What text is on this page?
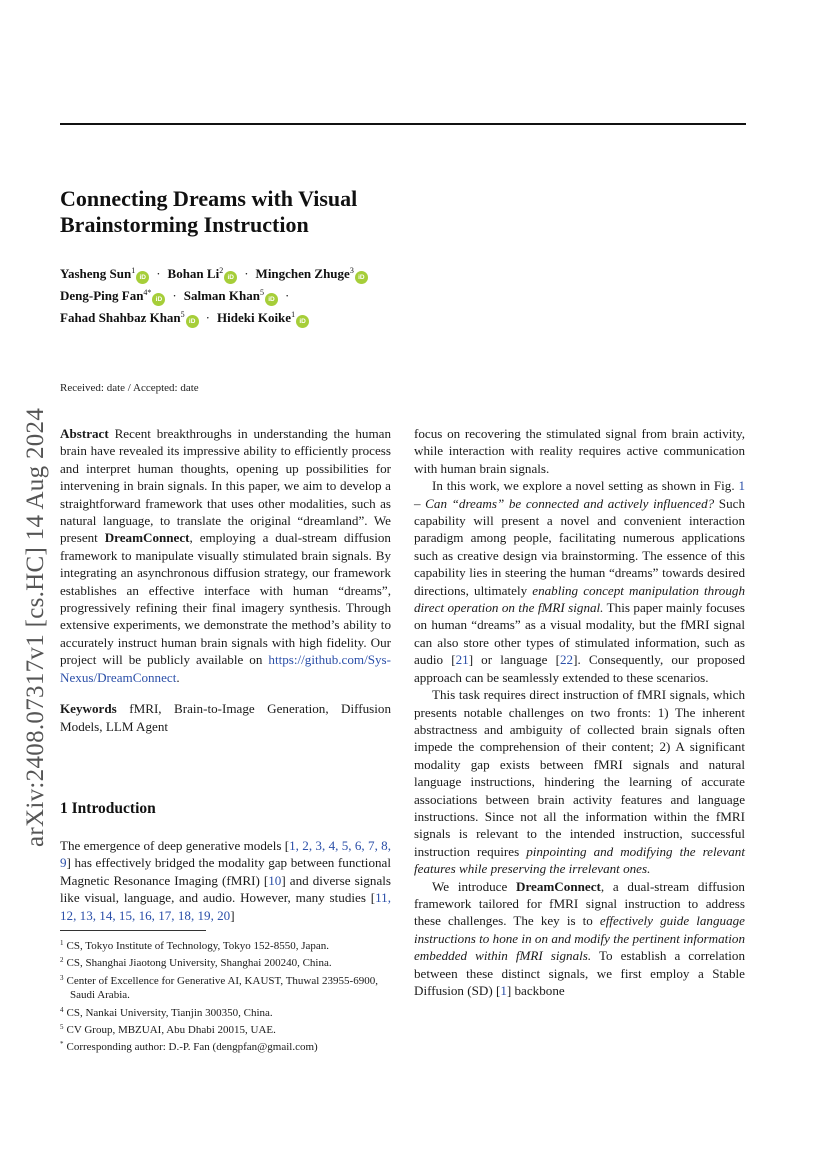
arXiv:2408.07317v1 [cs.HC] 14 Aug 2024
Connecting Dreams with Visual
Brainstorming Instruction
Yasheng Sun$^1$iD · Bohan $Li^2iD$ · Mingchen Zhuge$^3$iD
Deng-Ping Fan$^{4*}$iD · Salman Khan$^5$iD ·
Fahad Shahbaz Khan$^5$iD · Hideki Koike$^1$iD
Received: date / Accepted: date

Abstract Recent breakthroughs in understanding the human brain have revealed its impressive ability to efficiently process and interpret human thoughts, opening up possibilities for intervening in brain signals. In this paper, we aim to develop a straightforward framework that uses other modalities, such as natural language, to translate the original “dreamland”. We present DreamConnect, employing a dual-stream diffusion framework to manipulate visually stimulated brain signals. By integrating an asynchronous diffusion strategy, our framework establishes an effective interface with human “dreams”, progressively refining their final imagery synthesis. Through extensive experiments, we demonstrate the method’s ability to accurately instruct human brain signals with high fidelity. Our project will be publicly available on https://github.com/Sys-Nexus/DreamConnect.

Keywords fMRI, Brain-to-Image Generation, Diffusion Models, LLM Agent

1 Introduction

The emergence of deep generative models [1, 2, 3, 4, 5, 6, 7, 8, 9] has effectively bridged the modality gap between functional Magnetic Resonance Imaging (fMRI) [10] and diverse signals like visual, language, and audio. However, many studies [11, 12, 13, 14, 15, 16, 17, 18, 19, 20]

$^1$ CS, Tokyo Institute of Technology, Tokyo 152-8550, Japan.
$^2$ CS, Shanghai Jiaotong University, Shanghai 200240, China.
$^3$ Center of Excellence for Generative AI, KAUST, Thuwal 23955-6900, Saudi Arabia.
$^4$ CS, Nankai University, Tianjin 300350, China.
$^5$ CV Group, MBZUAI, Abu Dhabi 20015, UAE.
* Corresponding author: D.-P. Fan (dengpfan@gmail.com)

focus on recovering the stimulated signal from brain activity, while interaction with reality requires active communication with human brain signals.

In this work, we explore a novel setting as shown in Fig. 1 – Can “dreams” be connected and actively influenced? Such capability will present a novel and convenient interaction paradigm among people, facilitating numerous applications such as creative design via brainstorming. The essence of this capability lies in steering the human “dreams” towards desired directions, ultimately enabling concept manipulation through direct operation on the fMRI signal. This paper mainly focuses on human “dreams” as a visual modality, but the fMRI signal can also store other types of stimulated information, such as audio [21] or language [22]. Consequently, our proposed approach can be seamlessly extended to these scenarios.

This task requires direct instruction of fMRI signals, which presents notable challenges on two fronts: 1) The inherent abstractness and ambiguity of collected brain signals often impede the comprehension of their content; 2) A significant modality gap exists between fMRI signals and natural language instructions, hindering the learning of accurate associations between brain activity features and language instructions. Since not all the information within the fMRI signals is relevant to the intended instruction, successful instruction requires pinpointing and modifying the relevant features while preserving the irrelevant ones.

We introduce DreamConnect, a dual-stream diffusion framework tailored for fMRI signal instruction to address these challenges. The key is to effectively guide language instructions to hone in on and modify the pertinent information embedded within fMRI signals. To establish a correlation between these distinct signals, we first employ a Stable Diffusion (SD) [1] backbone
